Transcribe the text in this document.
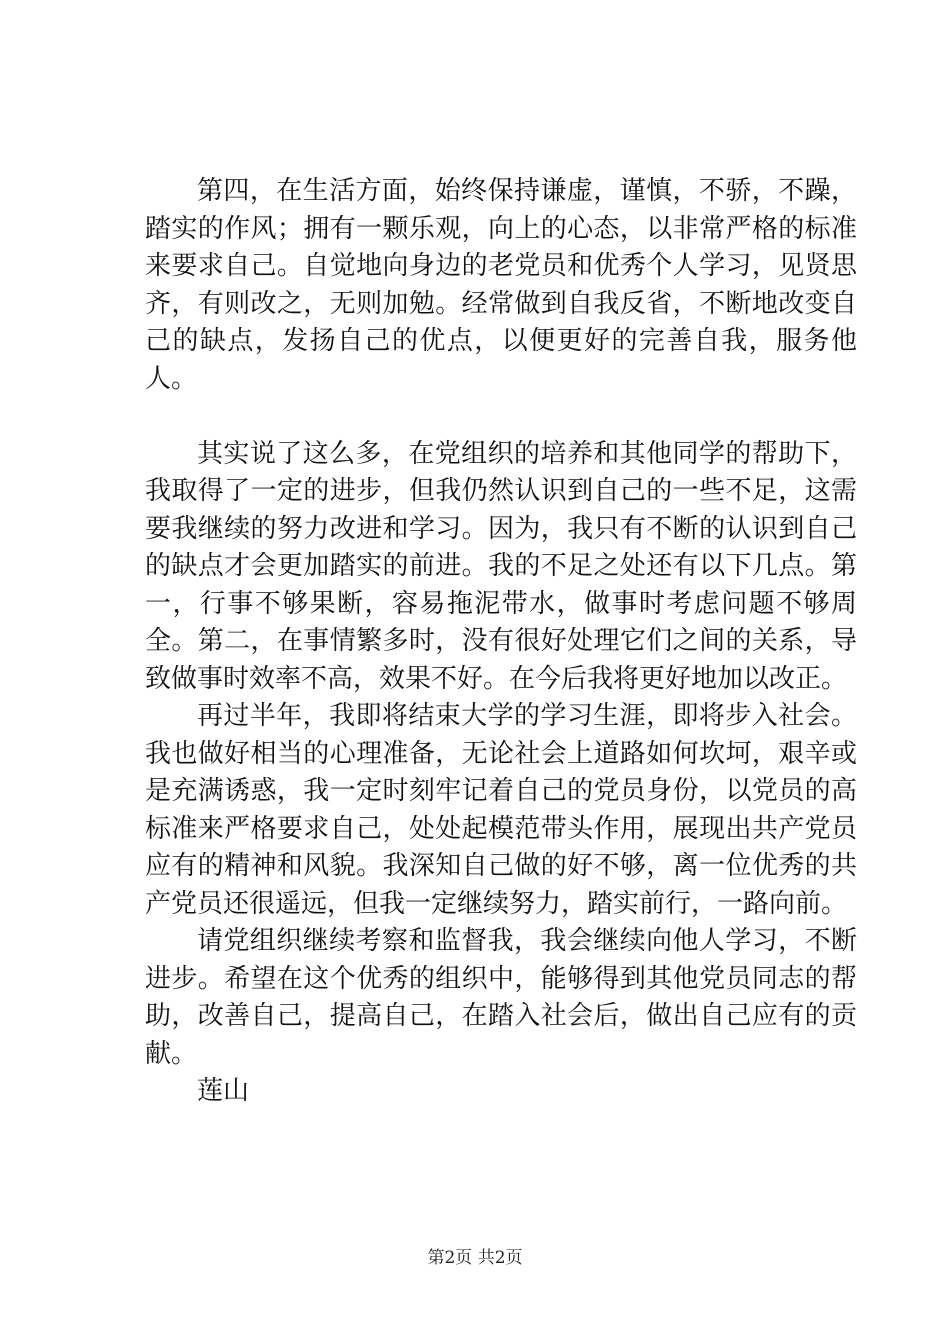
第四，在生活方面，始终保持谦虚，谨慎，不骄，不躁，踏实的作风；拥有一颗乐观，向上的心态，以非常严格的标准来要求自己。自觉地向身边的老党员和优秀个人学习，见贤思齐，有则改之，无则加勉。经常做到自我反省，不断地改变自己的缺点，发扬自己的优点，以便更好的完善自我，服务他人。

其实说了这么多，在党组织的培养和其他同学的帮助下，我取得了一定的进步，但我仍然认识到自己的一些不足，这需要我继续的努力改进和学习。因为，我只有不断的认识到自己的缺点才会更加踏实的前进。我的不足之处还有以下几点。第一，行事不够果断，容易拖泥带水，做事时考虑问题不够周全。第二，在事情繁多时，没有很好处理它们之间的关系，导致做事时效率不高，效果不好。在今后我将更好地加以改正。

再过半年，我即将结束大学的学习生涯，即将步入社会。我也做好相当的心理准备，无论社会上道路如何坎坷，艰辛或是充满诱惑，我一定时刻牢记着自己的党员身份，以党员的高标准来严格要求自己，处处起模范带头作用，展现出共产党员应有的精神和风貌。我深知自己做的好不够，离一位优秀的共产党员还很遥远，但我一定继续努力，踏实前行，一路向前。

请党组织继续考察和监督我，我会继续向他人学习，不断进步。希望在这个优秀的组织中，能够得到其他党员同志的帮助，改善自己，提高自己，在踏入社会后，做出自己应有的贡献。

莲山

第2页 共2页
